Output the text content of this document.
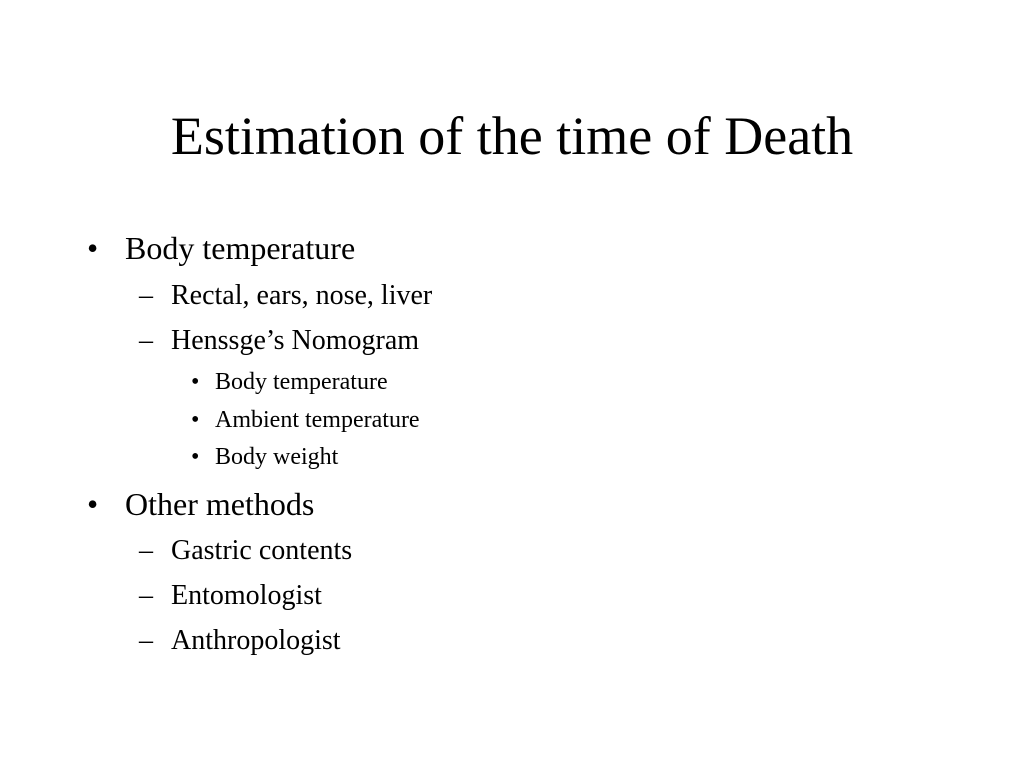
Estimation of the time of Death
• Body temperature
– Rectal, ears, nose, liver
– Henssge’s Nomogram
• Body temperature
• Ambient temperature
• Body weight
• Other methods
– Gastric contents
– Entomologist
– Anthropologist
